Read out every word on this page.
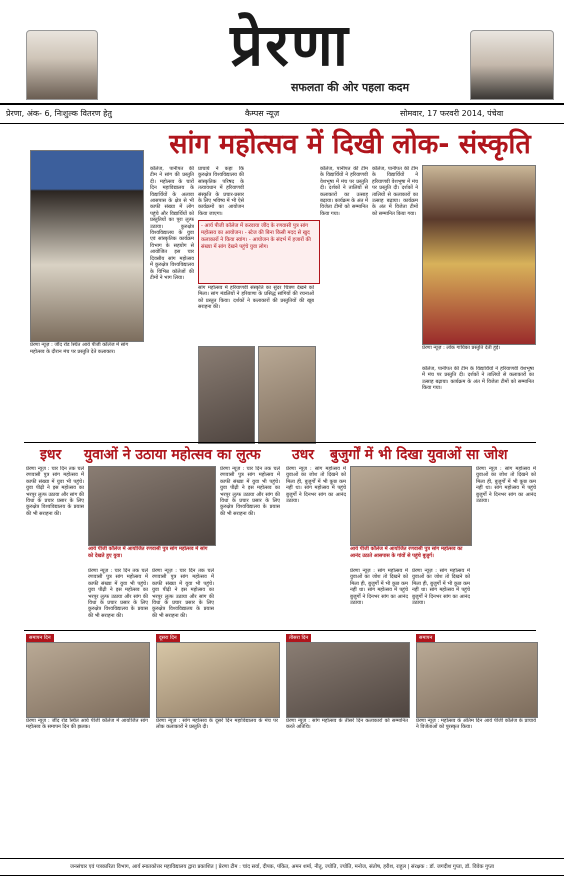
प्रेरणा
सफलता की ओर पहला कदम
प्रेरणा, अंक- 6, निःशुल्क वितरण हेतु	कैम्पस न्यूज़	सोमवार, 17 फरवरी 2014, पंचेवा
सांग महोत्सव में दिखी लोक- संस्कृति
प्रेरणा न्यूज़ : जींद रोड स्थित आर्य पीजी कॉलेज में सांग महोत्सव के दौरान मंच पर प्रस्तुति देते कलाकार।
कॉलेज, पानीपत की टीम ने सांग की प्रस्तुति दी। महोत्सव के चारों दिन महाविद्यालय के विद्यार्थियों के अलावा आसपास के क्षेत्र से भी काफी संख्या में लोग पहुंचे और विद्यार्थियों को प्रस्तुतियों का पूरा लुत्फ उठाया। कुरुक्षेत्र विश्वविद्यालय के युवा एवं सांस्कृतिक कार्यक्रम विभाग के सहयोग से आयोजित इस चार दिवसीय सांग महोत्सव में कुरुक्षेत्र विश्वविद्यालय के विभिन्न कॉलेजों की टीमों ने भाग लिया।
प्राचार्य ने कहा कि कुरुक्षेत्र विश्वविद्यालय की सांस्कृतिक परिषद के तत्वावधान में हरियाणवी संस्कृति के प्रचार-प्रसार के लिए भविष्य में भी ऐसे कार्यक्रमों का आयोजन किया जाएगा।
- आर्य पीजी कॉलेज में करवाया जींद के रणवासी पुत्र सांग महोत्सव का आयोजन। - स्टेज की बिना किसी मदद से खुद कलाकारों ने किया स्वांग। - आयोजन के संदर्भ में हजारों की संख्या में सांग देखने पहुंचे युवा लोग।
सांग महोत्सव में हरियाणवी संस्कृति का सुंदर चित्रण देखने को मिला। सांग मंडलियों ने हरियाणा के प्रसिद्ध सांगियों की रचनाओं को प्रस्तुत किया। दर्शकों ने कलाकारों की प्रस्तुतियों की खूब सराहना की।
कॉलेज, पानीपत की टीम के विद्यार्थियों ने हरियाणवी वेशभूषा में मंच पर प्रस्तुति दी। दर्शकों ने तालियों से कलाकारों का उत्साह बढ़ाया। कार्यक्रम के अंत में विजेता टीमों को सम्मानित किया गया।
कॉलेज, पानीपत की टीम के विद्यार्थियों ने हरियाणवी वेशभूषा में मंच पर प्रस्तुति दी। दर्शकों ने तालियों से कलाकारों का उत्साह बढ़ाया। कार्यक्रम के अंत में विजेता टीमों को सम्मानित किया गया।
प्रेरणा न्यूज़ : लोक गायिका प्रस्तुति देती हुई।
कॉलेज, पानीपत की टीम के विद्यार्थियों ने हरियाणवी वेशभूषा में मंच पर प्रस्तुति दी। दर्शकों ने तालियों से कलाकारों का उत्साह बढ़ाया। कार्यक्रम के अंत में विजेता टीमों को सम्मानित किया गया।
इधर युवाओं ने उठाया महोत्सव का लुत्फ
प्रेरणा न्यूज़ : चार दिन तक चले रणवासी पुत्र सांग महोत्सव में काफी संख्या में युवा भी पहुंचे। युवा पीढ़ी ने इस महोत्सव का भरपूर लुत्फ उठाया और सांग की विधा के प्रचार प्रसार के लिए कुरुक्षेत्र विश्वविद्यालय के प्रयास की भी सराहना की।
आर्य पीजी कॉलेज में आयोजित रणवासी पुत्र सांग महोत्सव में सांग को देखते हुए युवा।
प्रेरणा न्यूज़ : चार दिन तक चले रणवासी पुत्र सांग महोत्सव में काफी संख्या में युवा भी पहुंचे। युवा पीढ़ी ने इस महोत्सव का भरपूर लुत्फ उठाया और सांग की विधा के प्रचार प्रसार के लिए कुरुक्षेत्र विश्वविद्यालय के प्रयास की भी सराहना की।
प्रेरणा न्यूज़ : चार दिन तक चले रणवासी पुत्र सांग महोत्सव में काफी संख्या में युवा भी पहुंचे। युवा पीढ़ी ने इस महोत्सव का भरपूर लुत्फ उठाया और सांग की विधा के प्रचार प्रसार के लिए कुरुक्षेत्र विश्वविद्यालय के प्रयास की भी सराहना की।
प्रेरणा न्यूज़ : चार दिन तक चले रणवासी पुत्र सांग महोत्सव में काफी संख्या में युवा भी पहुंचे। युवा पीढ़ी ने इस महोत्सव का भरपूर लुत्फ उठाया और सांग की विधा के प्रचार प्रसार के लिए कुरुक्षेत्र विश्वविद्यालय के प्रयास की भी सराहना की।
उधर बुजुर्गों में भी दिखा युवाओं सा जोश
प्रेरणा न्यूज़ : सांग महोत्सव में युवाओं का जोश तो दिखने को मिला ही, बुजुर्गों में भी कुछ कम नहीं था। सांग महोत्सव में पहुंचे बुजुर्गों ने दिनभर सांग का आनंद उठाया।
आर्य पीजी कॉलेज में आयोजित रणवासी पुत्र सांग महोत्सव का आनंद उठाते आसपास के गांवों से पहुंचे बुजुर्ग।
प्रेरणा न्यूज़ : सांग महोत्सव में युवाओं का जोश तो दिखने को मिला ही, बुजुर्गों में भी कुछ कम नहीं था। सांग महोत्सव में पहुंचे बुजुर्गों ने दिनभर सांग का आनंद उठाया।
प्रेरणा न्यूज़ : सांग महोत्सव में युवाओं का जोश तो दिखने को मिला ही, बुजुर्गों में भी कुछ कम नहीं था। सांग महोत्सव में पहुंचे बुजुर्गों ने दिनभर सांग का आनंद उठाया।
प्रेरणा न्यूज़ : सांग महोत्सव में युवाओं का जोश तो दिखने को मिला ही, बुजुर्गों में भी कुछ कम नहीं था। सांग महोत्सव में पहुंचे बुजुर्गों ने दिनभर सांग का आनंद उठाया।
समापन दिन
प्रेरणा न्यूज़ : जींद रोड स्थित आर्य पीजी कॉलेज में आयोजित सांग महोत्सव के समापन दिन की झलक।
दूसरा दिन
प्रेरणा न्यूज़ : सांग महोत्सव के दूसरे दिन महाविद्यालय के मंच पर लोक कलाकारों ने प्रस्तुति दी।
तीसरा दिन
प्रेरणा न्यूज़ : सांग महोत्सव के तीसरे दिन कलाकारों को सम्मानित करते अतिथि।
समापन
प्रेरणा न्यूज़ : महोत्सव के अंतिम दिन आर्य पीजी कॉलेज के प्राचार्य ने विजेताओं को पुरस्कृत किया।
जनसंचार एवं पत्रकारिता विभाग, आर्य स्नातकोत्तर महाविद्यालय द्वारा प्रकाशित | प्रेरणा टीम : चांद सर्वा, दीपक, पंकित, अमन शर्मा, नीतू, ज्योति, ज्योति, मनोज, संतोष, हरीश, राहुल | संरक्षक : डॉ. जगदीश गुप्ता, डॉ. विवेक गुप्ता
